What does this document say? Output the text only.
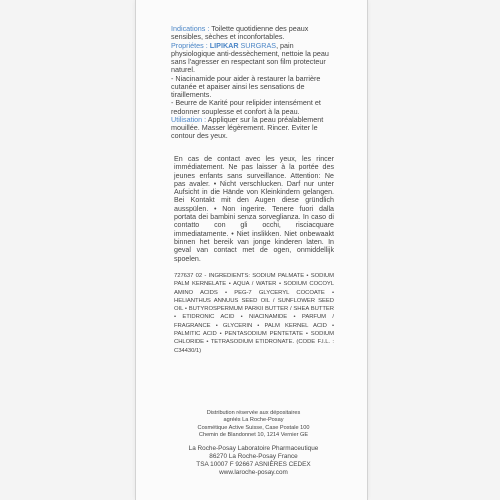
Indications : Toilette quotidienne des peaux sensibles, sèches et inconfortables.

Propriétes : LIPIKAR SURGRAS, pain physiologique anti-dessèchement, nettoie la peau sans l'agresser en respectant son film protecteur naturel.

- Niacinamide pour aider à restaurer la barrière cutanée et apaiser ainsi les sensations de tiraillements.

- Beurre de Karité pour relipider intensément et redonner souplesse et confort à la peau.

Utilisation : Appliquer sur la peau préalablement mouillée. Masser légèrement. Rincer. Eviter le contour des yeux.

En cas de contact avec les yeux, les rincer immédiatement. Ne pas laisser à la portée des jeunes enfants sans surveillance. Attention: Ne pas avaler. • Nicht verschlucken. Darf nur unter Aufsicht in die Hände von Kleinkindern gelangen. Bei Kontakt mit den Augen diese gründlich ausspülen. • Non ingerire. Tenere fuori dalla portata dei bambini senza sorveglianza. In caso di contatto con gli occhi, risciacquare immediatamente. • Niet inslikken. Niet onbewaakt binnen het bereik van jonge kinderen laten. In geval van contact met de ogen, onmiddellijk spoelen.
727637 02 - INGREDIENTS: SODIUM PALMATE • SODIUM PALM KERNELATE • AQUA / WATER • SODIUM COCOYL AMINO ACIDS • PEG-7 GLYCERYL COCOATE • HELIANTHUS ANNUUS SEED OIL / SUNFLOWER SEED OIL • BUTYROSPERMUM PARKII BUTTER / SHEA BUTTER • ETIDRONIC ACID • NIACINAMIDE • PARFUM / FRAGRANCE • GLYCERIN • PALM KERNEL ACID • PALMITIC ACID • PENTASODIUM PENTETATE • SODIUM CHLORIDE • TETRASODIUM ETIDRONATE. (CODE F.I.L. : C34430/1)
Distribution réservée aux dépositaires
agréés La Roche-Posay
Cosmétique Active Suisse, Case Postale 100
Chemin de Blandonnet 10, 1214 Vernier GE
La Roche-Posay Laboratoire Pharmaceutique
86270 La Roche-Posay France
TSA 10007 F 92667 ASNIÈRES CEDEX
www.laroche-posay.com
